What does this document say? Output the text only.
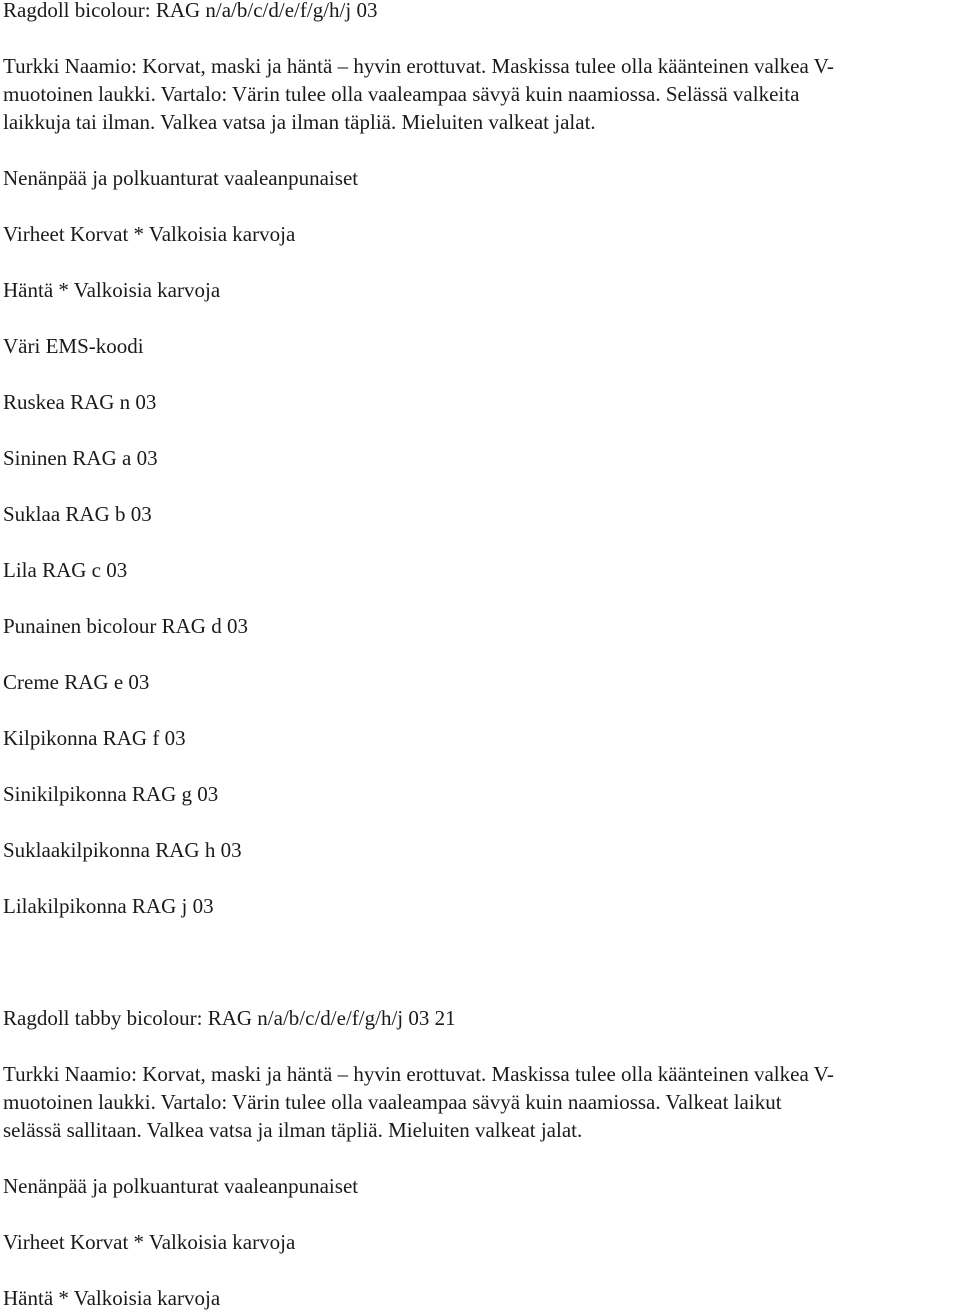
Ragdoll bicolour: RAG n/a/b/c/d/e/f/g/h/j 03

Turkki Naamio: Korvat, maski ja häntä – hyvin erottuvat. Maskissa tulee olla käänteinen valkea V-

muotoinen laukki. Vartalo: Värin tulee olla vaaleampaa sävyä kuin naamiossa. Selässä valkeita

laikkuja tai ilman. Valkea vatsa ja ilman täpliä. Mieluiten valkeat jalat.

Nenänpää ja polkuanturat vaaleanpunaiset

Virheet Korvat * Valkoisia karvoja

Häntä * Valkoisia karvoja

Väri EMS-koodi

Ruskea RAG n 03

Sininen RAG a 03

Suklaa RAG b 03

Lila RAG c 03

Punainen bicolour RAG d 03

Creme RAG e 03

Kilpikonna RAG f 03

Sinikilpikonna RAG g 03

Suklaakilpikonna RAG h 03

Lilakilpikonna RAG j 03

Ragdoll tabby bicolour: RAG n/a/b/c/d/e/f/g/h/j 03 21

Turkki Naamio: Korvat, maski ja häntä – hyvin erottuvat. Maskissa tulee olla käänteinen valkea V-

muotoinen laukki. Vartalo: Värin tulee olla vaaleampaa sävyä kuin naamiossa. Valkeat laikut

selässä sallitaan. Valkea vatsa ja ilman täpliä. Mieluiten valkeat jalat.

Nenänpää ja polkuanturat vaaleanpunaiset

Virheet Korvat * Valkoisia karvoja

Häntä * Valkoisia karvoja
